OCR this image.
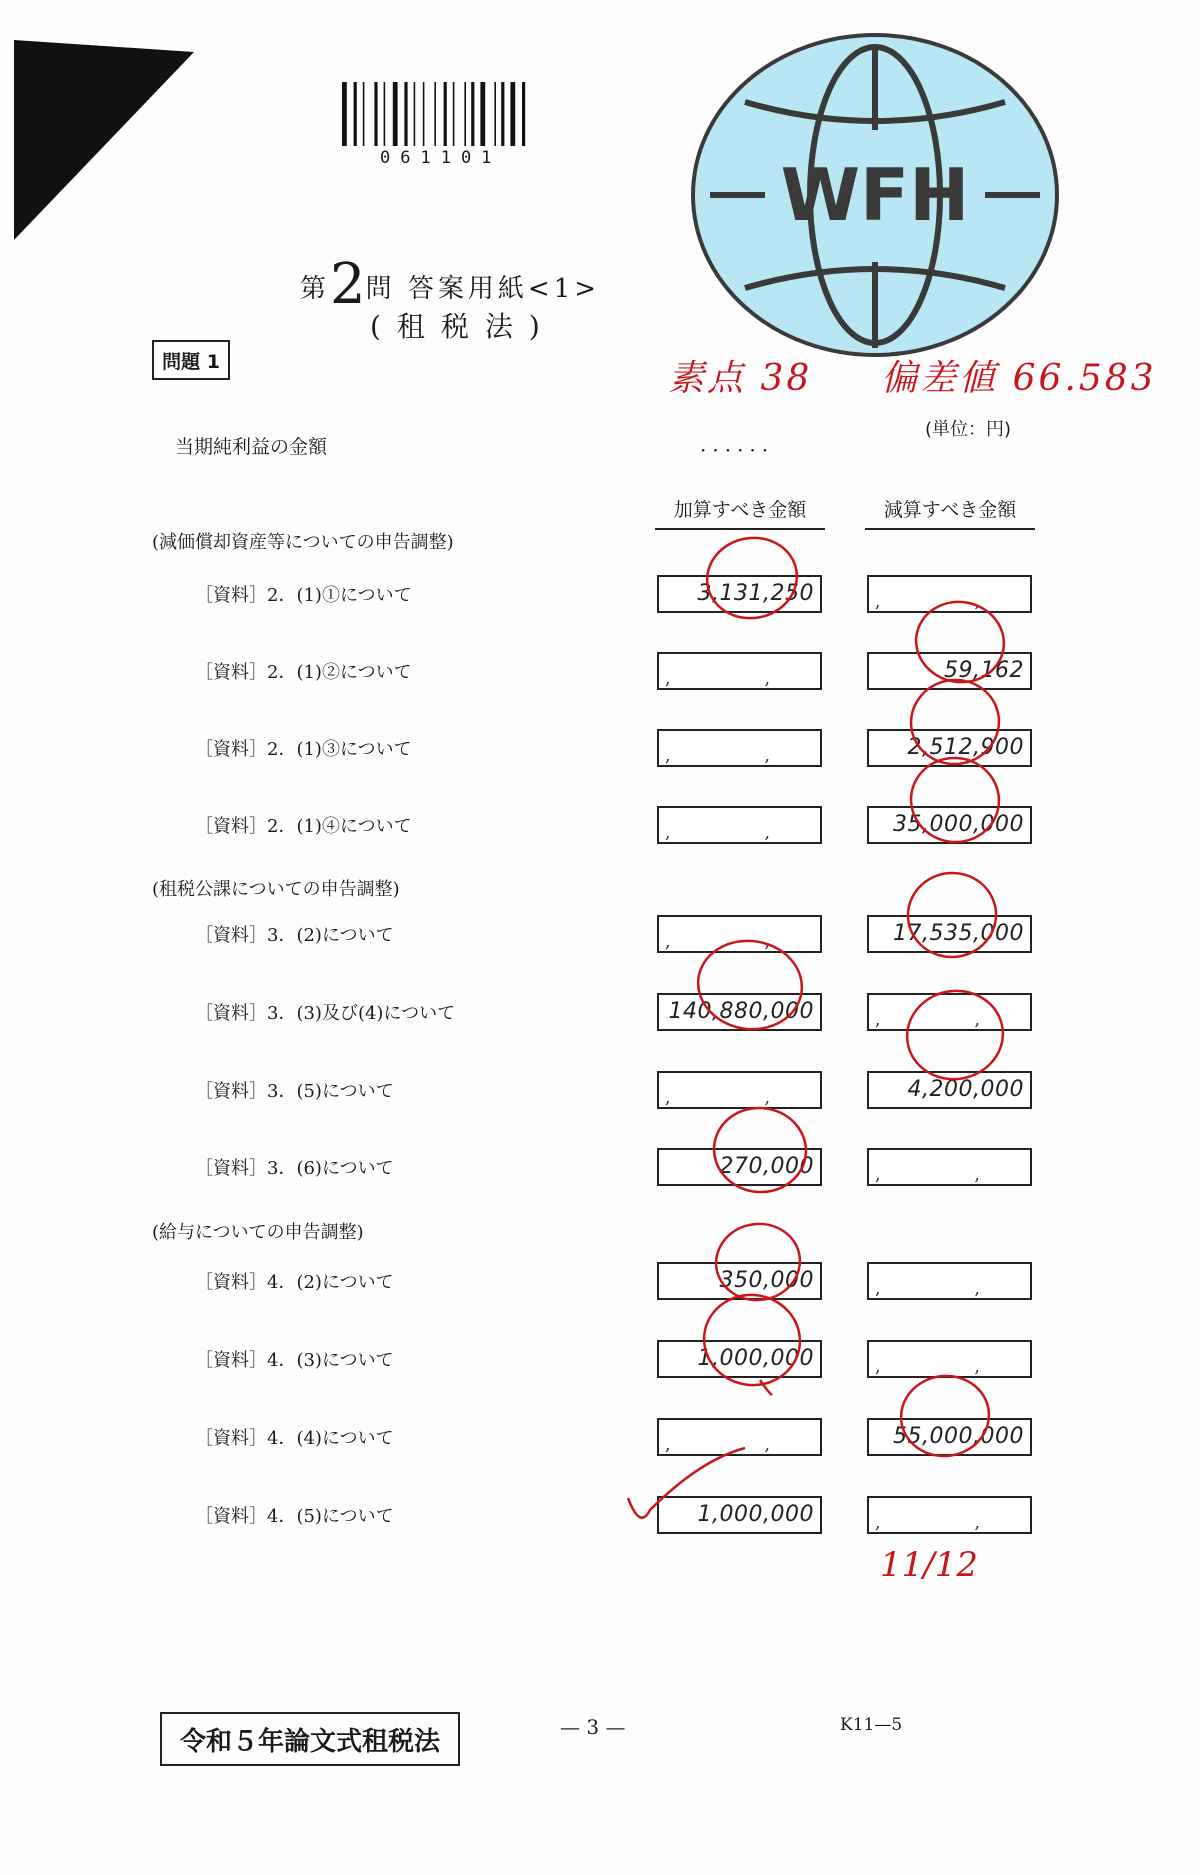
061101
第2問 答案用紙<1>
(租税法)
問題 1
WFH
素点 38 偏差値 66.583
(単位：円)
当期純利益の金額	······
加算すべき金額	減算すべき金額
(減価償却資産等についての申告調整)
(租税公課についての申告調整)
(給与についての申告調整)
［資料］2．(1)①について	3,131,250	, ,
［資料］2．(1)②について	, ,	59,162
［資料］2．(1)③について	, ,	2,512,900
［資料］2．(1)④について	, ,	35,000,000
［資料］3．(2)について	, ,	17,535,000
［資料］3．(3)及び(4)について	140,880,000	, ,
［資料］3．(5)について	, ,	4,200,000
［資料］3．(6)について	270,000	, ,
［資料］4．(2)について	350,000	, ,
［資料］4．(3)について	1,000,000	, ,
［資料］4．(4)について	, ,	55,000,000
［資料］4．(5)について	1,000,000	, ,
11/12
令和５年論文式租税法	— 3 —	K11—5
